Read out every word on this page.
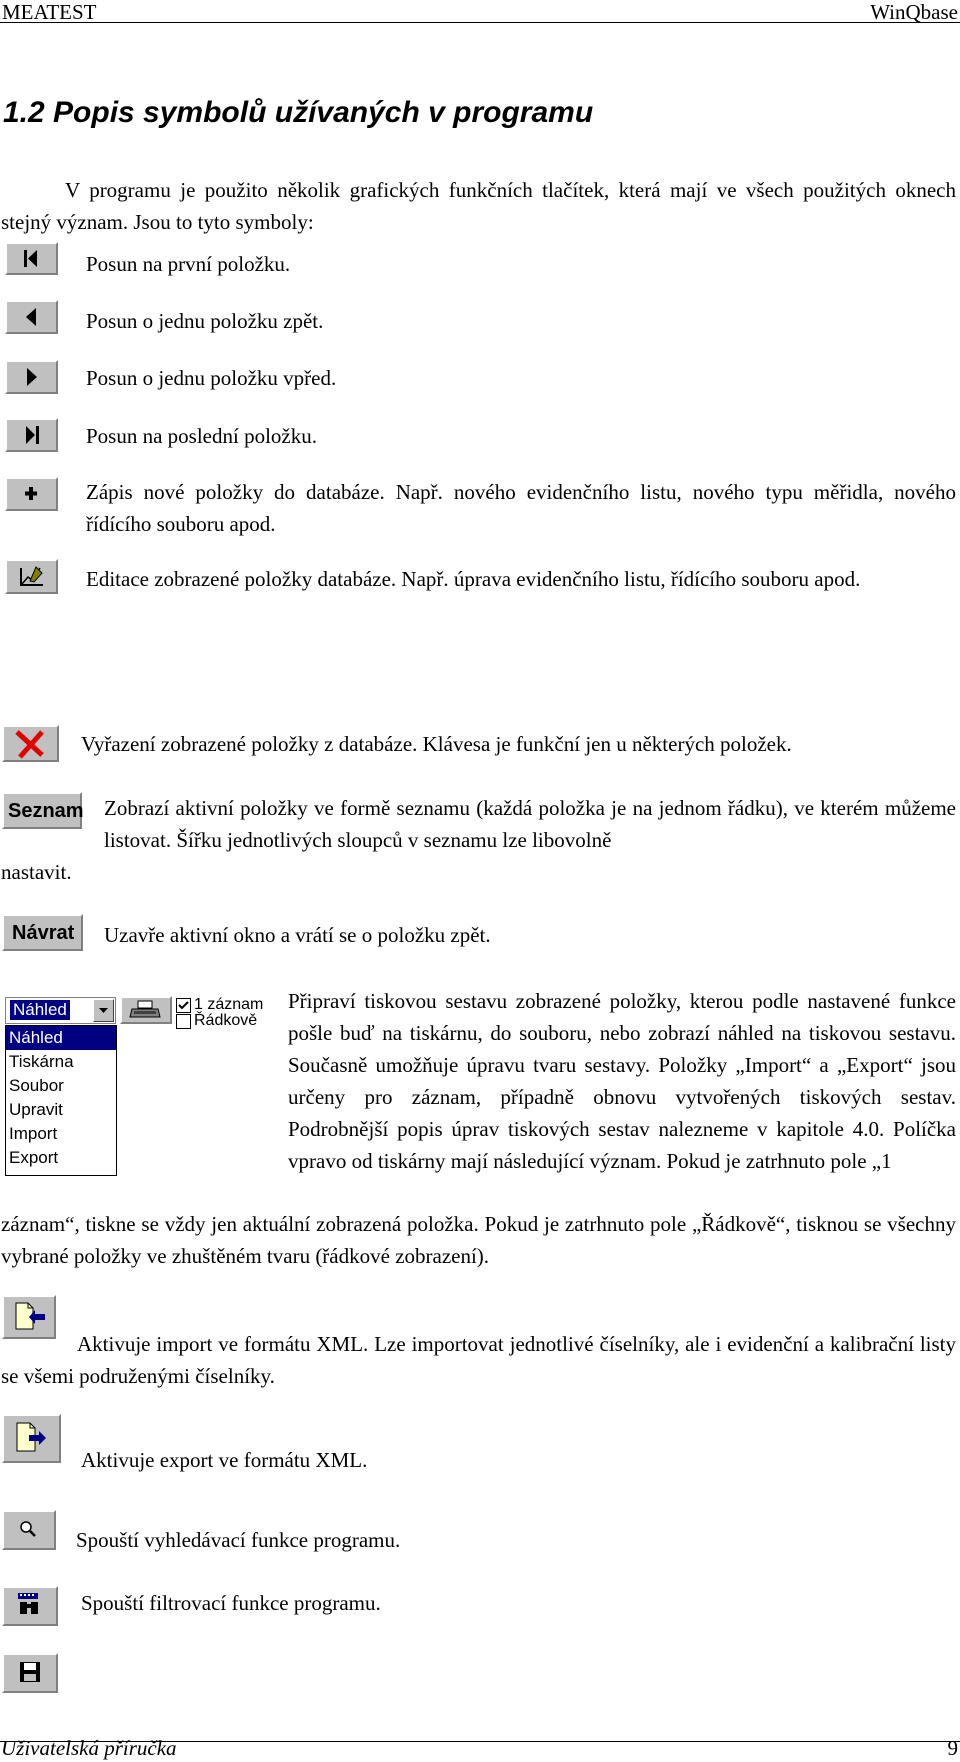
MEATEST	WinQbase
1.2 Popis symbolů užívaných v programu
V programu je použito několik grafických funkčních tlačítek, která mají ve všech použitých oknech stejný význam. Jsou to tyto symboly:
Posun na první položku.
Posun o jednu položku zpět.
Posun o jednu položku vpřed.
Posun na poslední položku.
Zápis nové položky do databáze. Např. nového evidenčního listu, nového typu měřidla, nového řídícího souboru apod.
Editace zobrazené položky databáze. Např. úprava evidenčního listu, řídícího souboru apod.
Vyřazení zobrazené položky z databáze. Klávesa je funkční jen u některých položek.
Seznam Zobrazí aktivní položky ve formě seznamu (každá položka je na jednom řádku), ve kterém můžeme listovat. Šířku jednotlivých sloupců v seznamu lze libovolně
nastavit.
Návrat Uzavře aktivní okno a vrátí se o položku zpět.
Náhled
Náhled
Tiskárna
Soubor
Upravit
Import
Export
1 záznam
Řádkově
Připraví tiskovou sestavu zobrazené položky, kterou podle nastavené funkce pošle buď na tiskárnu, do souboru, nebo zobrazí náhled na tiskovou sestavu. Současně umožňuje úpravu tvaru sestavy. Položky „Import“ a „Export“ jsou určeny pro záznam, případně obnovu vytvořených tiskových sestav. Podrobnější popis úprav tiskových sestav nalezneme v kapitole 4.0. Políčka vpravo od tiskárny mají následující význam. Pokud je zatrhnuto pole „1
záznam“, tiskne se vždy jen aktuální zobrazená položka. Pokud je zatrhnuto pole „Řádkově“, tisknou se všechny vybrané položky ve zhuštěném tvaru (řádkové zobrazení).
Aktivuje import ve formátu XML. Lze importovat jednotlivé číselníky, ale i evidenční a kalibrační listy se všemi podruženými číselníky.
Aktivuje export ve formátu XML.
Spouští vyhledávací funkce programu.
Spouští filtrovací funkce programu.
Uživatelská příručka	9
